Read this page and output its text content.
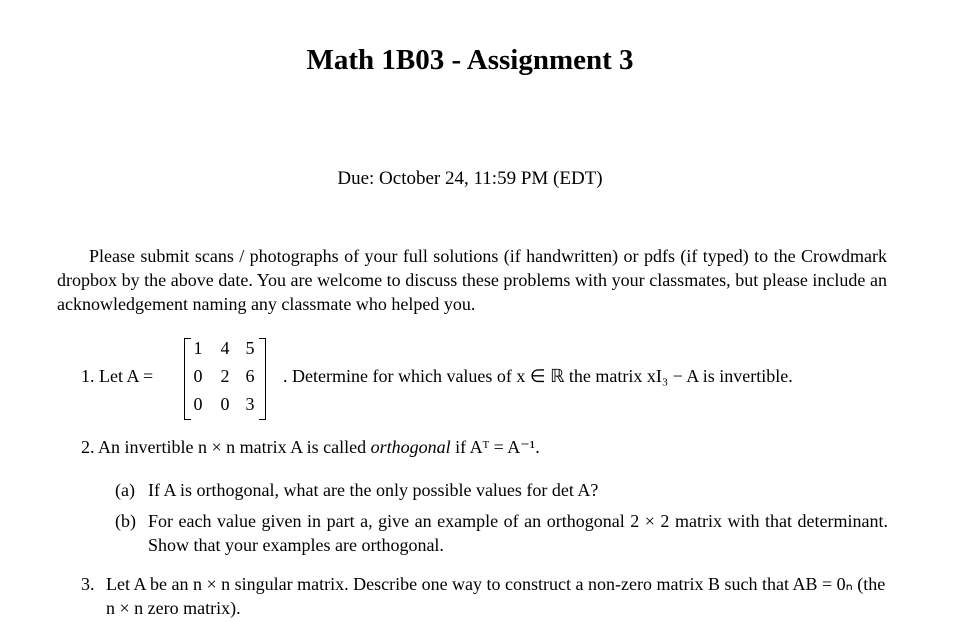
Math 1B03 - Assignment 3
Due: October 24, 11:59 PM (EDT)
Please submit scans / photographs of your full solutions (if handwritten) or pdfs (if typed) to the Crowdmark dropbox by the above date. You are welcome to discuss these problems with your classmates, but please include an acknowledgement naming any classmate who helped you.
1. Let A =
1	4 5
0	2 6
0	0 3
. Determine for which values of x ∈ ℝ the matrix xI₃ − A is invertible.
2. An invertible n × n matrix A is called orthogonal if Aᵀ = A⁻¹.
(a) If A is orthogonal, what are the only possible values for det A?
(b) For each value given in part a, give an example of an orthogonal 2 × 2 matrix with that determinant. Show that your examples are orthogonal.
3. Let A be an n × n singular matrix. Describe one way to construct a non-zero matrix B such that AB = 0ₙ (the n × n zero matrix).
